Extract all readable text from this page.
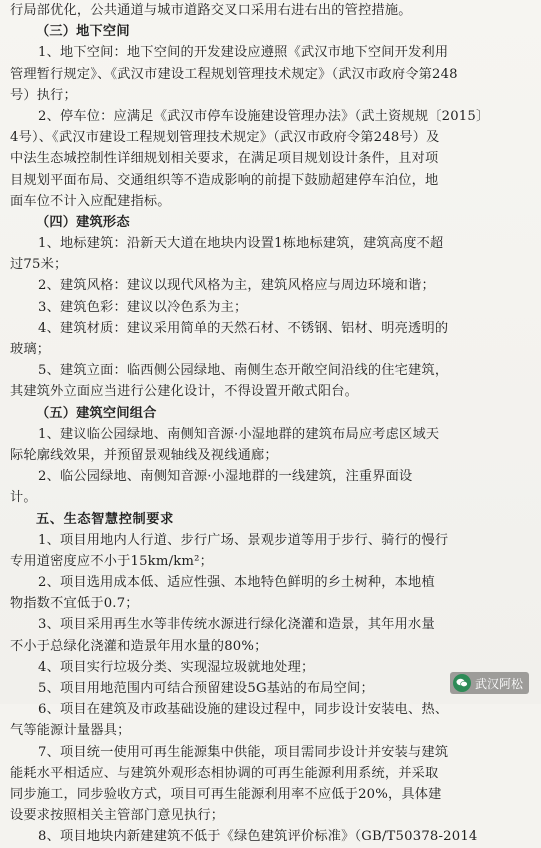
行局部优化，公共通道与城市道路交叉口采用右进右出的管控措施。
（三）地下空间
1、地下空间：地下空间的开发建设应遵照《武汉市地下空间开发利用
管理暂行规定》、《武汉市建设工程规划管理技术规定》（武汉市政府令第248
号）执行；
2、停车位：应满足《武汉市停车设施建设管理办法》（武土资规规〔2015〕
4号）、《武汉市建设工程规划管理技术规定》（武汉市政府令第248号）及
中法生态城控制性详细规划相关要求，在满足项目规划设计条件，且对项
目规划平面布局、交通组织等不造成影响的前提下鼓励超建停车泊位，地
面车位不计入应配建指标。
（四）建筑形态
1、地标建筑：沿新天大道在地块内设置1栋地标建筑，建筑高度不超
过75米；
2、建筑风格：建议以现代风格为主，建筑风格应与周边环境和谐；
3、建筑色彩：建议以冷色系为主；
4、建筑材质：建议采用简单的天然石材、不锈钢、铝材、明亮透明的
玻璃；
5、建筑立面：临西侧公园绿地、南侧生态开敞空间沿线的住宅建筑，
其建筑外立面应当进行公建化设计，不得设置开敞式阳台。
（五）建筑空间组合
1、建议临公园绿地、南侧知音源·小湿地群的建筑布局应考虑区域天
际轮廓线效果，并预留景观轴线及视线通廊；
2、临公园绿地、南侧知音源·小湿地群的一线建筑，注重界面设
计。
五、生态智慧控制要求
1、项目用地内人行道、步行广场、景观步道等用于步行、骑行的慢行
专用道密度应不小于15km/km²；
2、项目选用成本低、适应性强、本地特色鲜明的乡土树种，本地植
物指数不宜低于0.7；
3、项目采用再生水等非传统水源进行绿化浇灌和造景，其年用水量
不小于总绿化浇灌和造景年用水量的80%；
4、项目实行垃圾分类、实现湿垃圾就地处理；
5、项目用地范围内可结合预留建设5G基站的布局空间；
6、项目在建筑及市政基础设施的建设过程中，同步设计安装电、热、
气等能源计量器具；
7、项目统一使用可再生能源集中供能，项目需同步设计并安装与建筑
能耗水平相适应、与建筑外观形态相协调的可再生能源利用系统，并采取
同步施工，同步验收方式，项目可再生能源利用率不应低于20%，具体建
设要求按照相关主管部门意见执行；
8、项目地块内新建建筑不低于《绿色建筑评价标准》（GB/T50378-2014
武汉阿松
